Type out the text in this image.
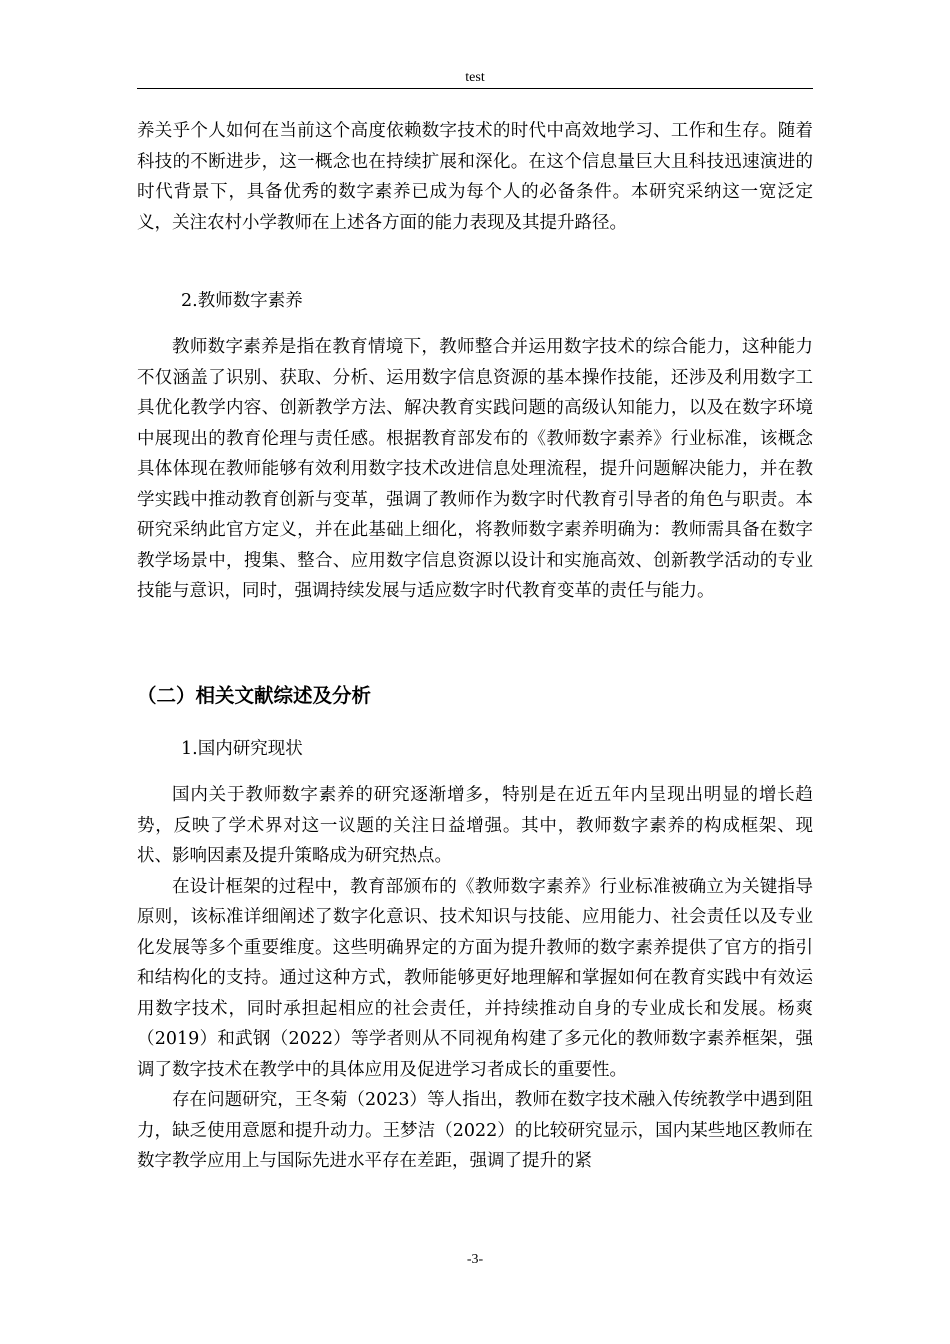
test

养关乎个人如何在当前这个高度依赖数字技术的时代中高效地学习、工作和生存。随着科技的不断进步，这一概念也在持续扩展和深化。在这个信息量巨大且科技迅速演进的时代背景下，具备优秀的数字素养已成为每个人的必备条件。本研究采纳这一宽泛定义，关注农村小学教师在上述各方面的能力表现及其提升路径。

2.教师数字素养

教师数字素养是指在教育情境下，教师整合并运用数字技术的综合能力，这种能力不仅涵盖了识别、获取、分析、运用数字信息资源的基本操作技能，还涉及利用数字工具优化教学内容、创新教学方法、解决教育实践问题的高级认知能力，以及在数字环境中展现出的教育伦理与责任感。根据教育部发布的《教师数字素养》行业标准，该概念具体体现在教师能够有效利用数字技术改进信息处理流程，提升问题解决能力，并在教学实践中推动教育创新与变革，强调了教师作为数字时代教育引导者的角色与职责。本研究采纳此官方定义，并在此基础上细化，将教师数字素养明确为：教师需具备在数字教学场景中，搜集、整合、应用数字信息资源以设计和实施高效、创新教学活动的专业技能与意识，同时，强调持续发展与适应数字时代教育变革的责任与能力。

（二）相关文献综述及分析

1.国内研究现状

国内关于教师数字素养的研究逐渐增多，特别是在近五年内呈现出明显的增长趋势，反映了学术界对这一议题的关注日益增强。其中，教师数字素养的构成框架、现状、影响因素及提升策略成为研究热点。

在设计框架的过程中，教育部颁布的《教师数字素养》行业标准被确立为关键指导原则，该标准详细阐述了数字化意识、技术知识与技能、应用能力、社会责任以及专业化发展等多个重要维度。这些明确界定的方面为提升教师的数字素养提供了官方的指引和结构化的支持。通过这种方式，教师能够更好地理解和掌握如何在教育实践中有效运用数字技术，同时承担起相应的社会责任，并持续推动自身的专业成长和发展。杨爽（2019）和武钢（2022）等学者则从不同视角构建了多元化的教师数字素养框架，强调了数字技术在教学中的具体应用及促进学习者成长的重要性。

存在问题研究，王冬菊（2023）等人指出，教师在数字技术融入传统教学中遇到阻力，缺乏使用意愿和提升动力。王梦洁（2022）的比较研究显示，国内某些地区教师在数字教学应用上与国际先进水平存在差距，强调了提升的紧

-3-
